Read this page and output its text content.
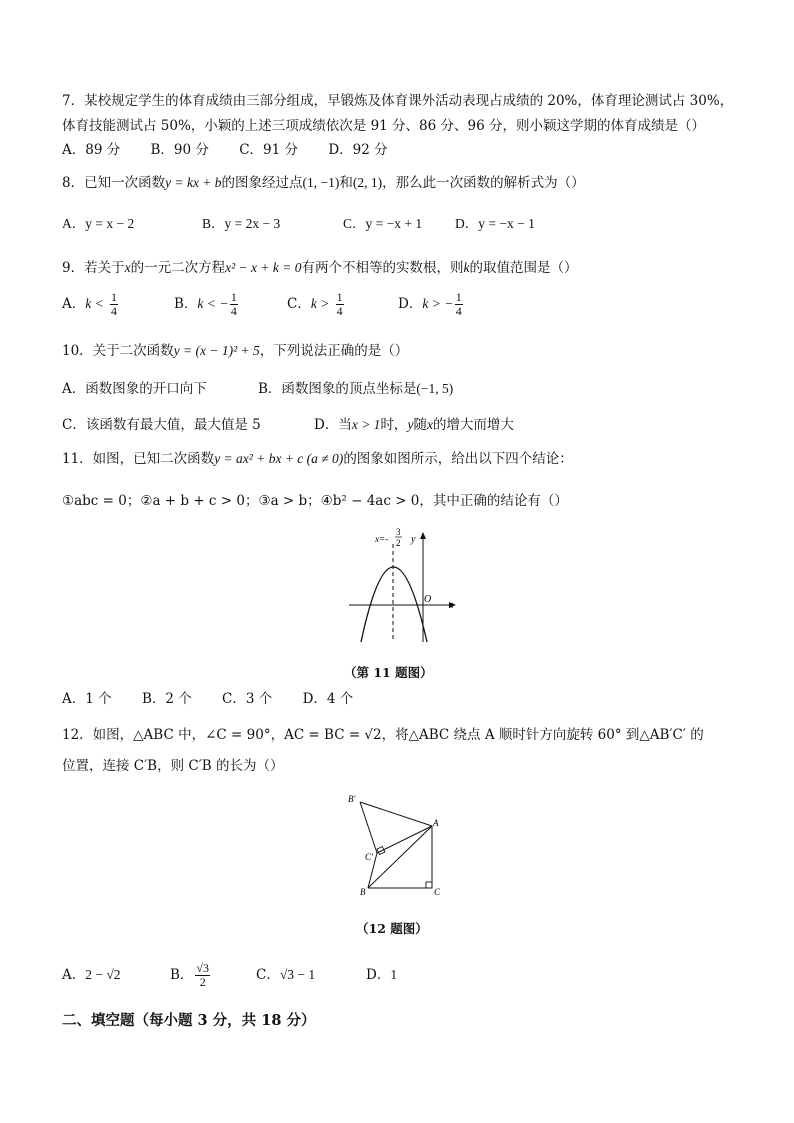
7．某校规定学生的体育成绩由三部分组成，早锻炼及体育课外活动表现占成绩的 20%，体育理论测试占 30%，
体育技能测试占 50%，小颖的上述三项成绩依次是 91 分、86 分、96 分，则小颖这学期的体育成绩是（）
A．89 分 B．90 分 C．91 分 D．92 分
8．已知一次函数y = kx + b的图象经过点(1, −1)和(2, 1)，那么此一次函数的解析式为（）
A．y = x − 2	B．y = 2x − 3	C．y = −x + 1 D．y = −x − 1
9．若关于x的一元二次方程x² − x + k = 0有两个不相等的实数根，则k的取值范围是（）
A．$k < \frac{1}{4}$	B．k < − $\frac{1}{4}$	C．$k > \frac{1}{4}$	D．k > − $\frac{1}{4}$
10．关于二次函数y = (x − 1)² + 5，下列说法正确的是（）
A．函数图象的开口向下	B．函数图象的顶点坐标是(−1, 5)
C．该函数有最大值，最大值是 5	D．当x > 1时，y随x的增大而增大
11．如图，已知二次函数y = ax² + bx + c (a ≠ 0)的图象如图所示，给出以下四个结论：
①abc = 0；②a + b + c > 0；③a > b；④b² − 4ac > 0，其中正确的结论有（）
x=-
3
2 y
O
x
（第 11 题图）
A．1 个 B．2 个 C．3 个 D．4 个
12．如图，△ABC 中，∠C = 90°，AC = BC = √2，将△ABC 绕点 A 顺时针方向旋转 60° 到△AB′C′ 的
位置，连接 C′B，则 C′B 的长为（）
A
B	C
B′
C′
（12 题图）
A．2 − √2	B． $\frac{√3}{2}$	C．√3 − 1	D．1
二、填空题（每小题 3 分，共 18 分）
